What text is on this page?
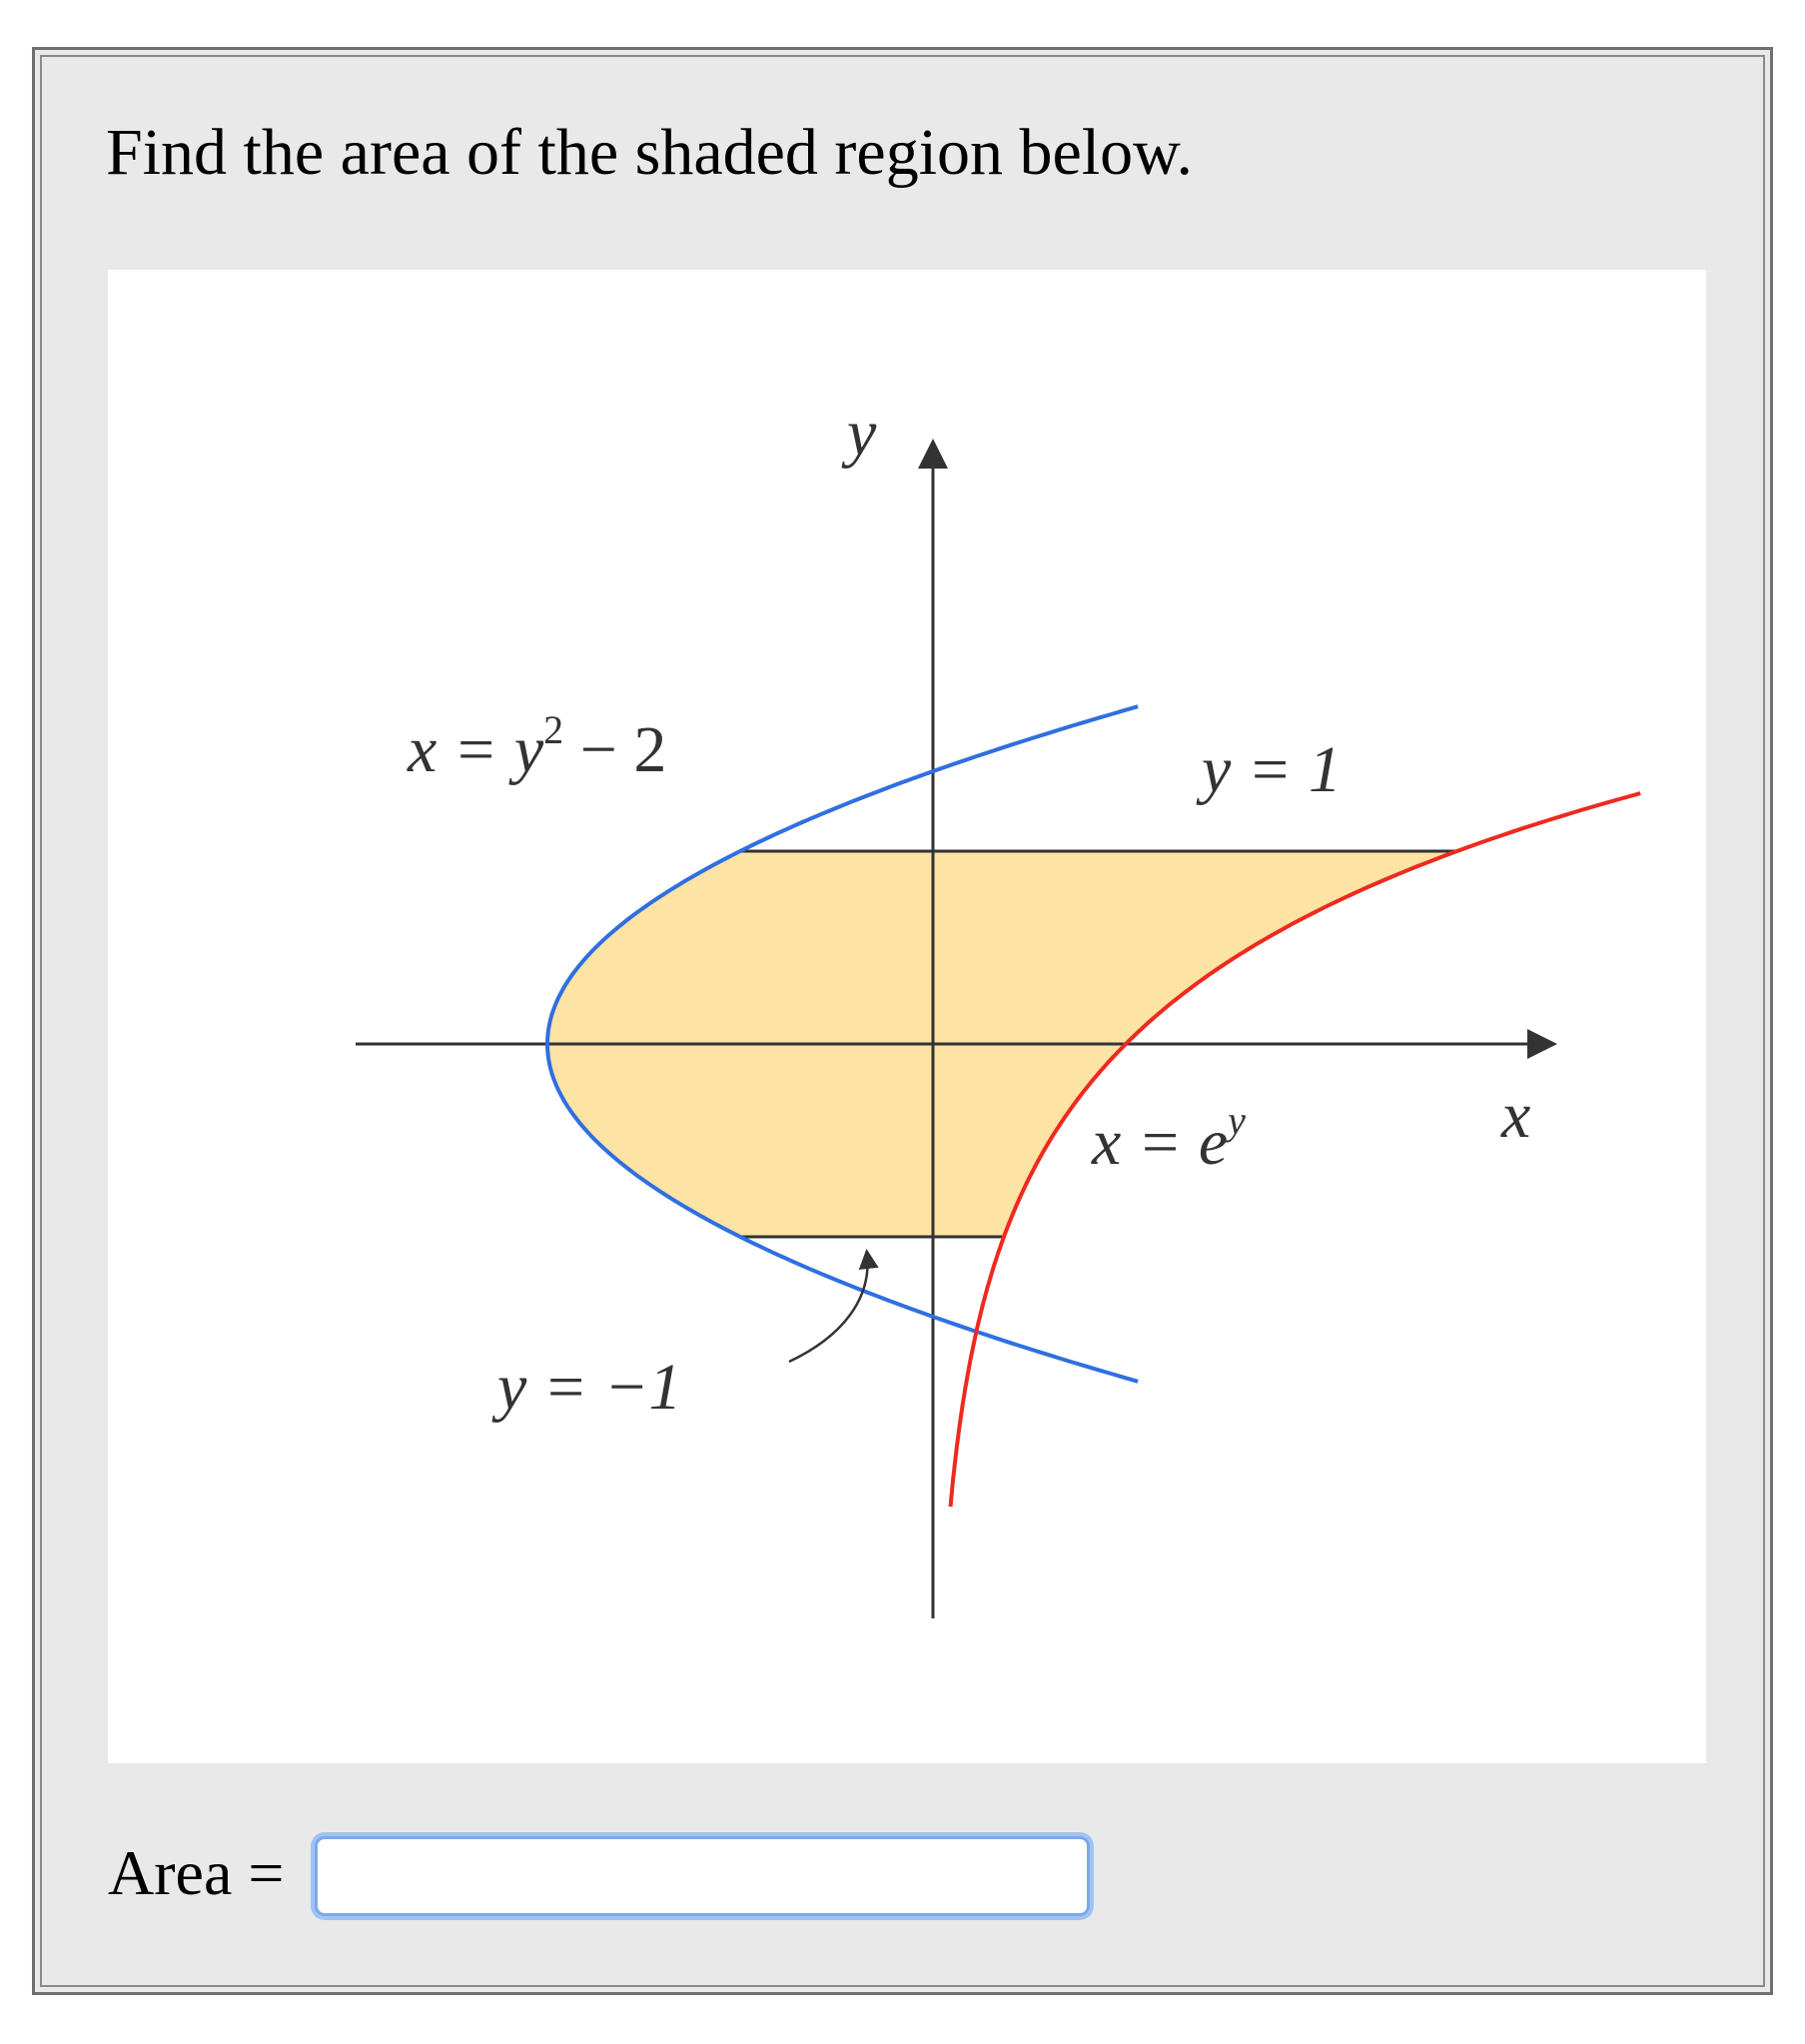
Find the area of the shaded region below.
y
x
$x = y^2 - 2$	y = 1
$x = e^y$
y = −1
Area =
